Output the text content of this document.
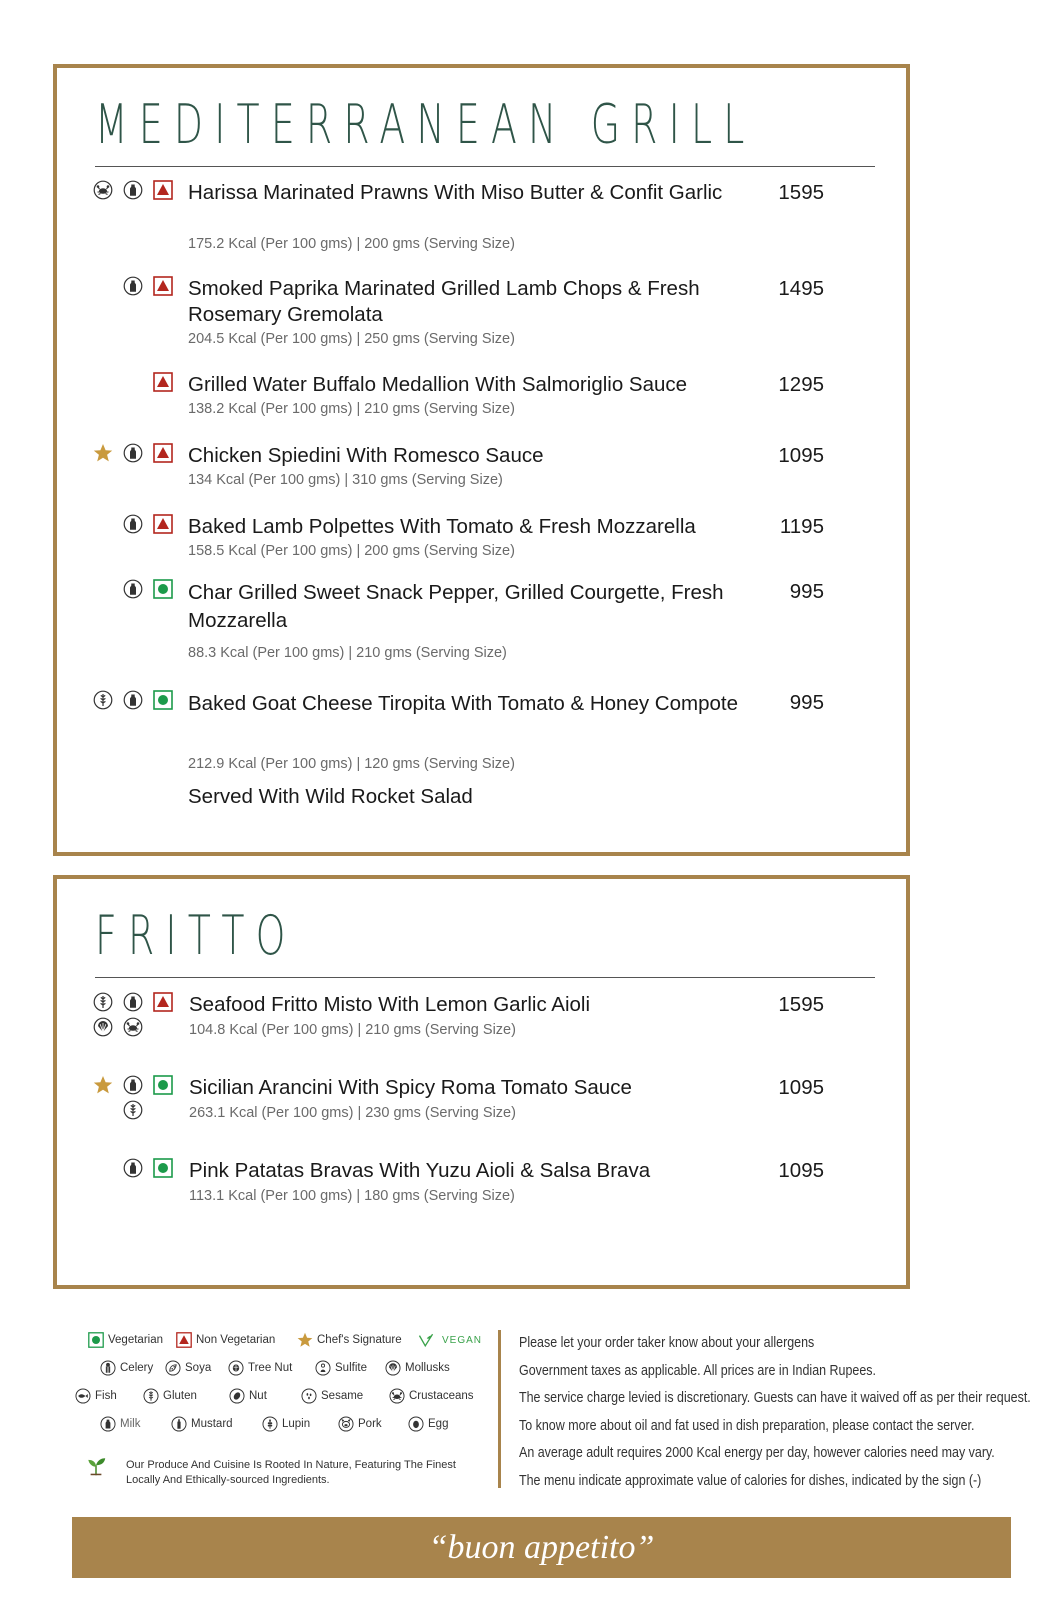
MEDITERRANEAN GRILL
Harissa Marinated Prawns With Miso Butter & Confit Garlic
175.2 Kcal (Per 100 gms) | 200 gms (Serving Size)
1595
Smoked Paprika Marinated Grilled Lamb Chops & Fresh Rosemary Gremolata
204.5 Kcal (Per 100 gms) | 250 gms (Serving Size)
1495
Grilled Water Buffalo Medallion With Salmoriglio Sauce
138.2 Kcal (Per 100 gms) | 210 gms (Serving Size)
1295
Chicken Spiedini With Romesco Sauce
134 Kcal (Per 100 gms) | 310 gms (Serving Size)
1095
Baked Lamb Polpettes With Tomato & Fresh Mozzarella
158.5 Kcal (Per 100 gms) | 200 gms (Serving Size)
1195
Char Grilled Sweet Snack Pepper, Grilled Courgette, Fresh Mozzarella
88.3 Kcal (Per 100 gms) | 210 gms (Serving Size)
995
Baked Goat Cheese Tiropita With Tomato & Honey Compote
212.9 Kcal (Per 100 gms) | 120 gms (Serving Size)
995
Served With Wild Rocket Salad
FRITTO
Seafood Fritto Misto With Lemon Garlic Aioli
104.8 Kcal (Per 100 gms) | 210 gms (Serving Size)
1595
Sicilian Arancini With Spicy Roma Tomato Sauce
263.1 Kcal (Per 100 gms) | 230 gms (Serving Size)
1095
Pink Patatas Bravas With Yuzu Aioli & Salsa Brava
113.1 Kcal (Per 100 gms) | 180 gms (Serving Size)
1095
Vegetarian	Non Vegetarian	Chef's Signature	VEGAN
Celery	Soya	Tree Nut	Sulfite	Mollusks
Fish	Gluten	Nut	Sesame	Crustaceans
Milk	Mustard	Lupin	Pork	Egg
Our Produce And Cuisine Is Rooted In Nature, Featuring The Finest
Locally And Ethically-sourced Ingredients.
Please let your order taker know about your allergens
Government taxes as applicable. All prices are in Indian Rupees.
The service charge levied is discretionary. Guests can have it waived off as per their request.
To know more about oil and fat used in dish preparation, please contact the server.
An average adult requires 2000 Kcal energy per day, however calories need may vary.
The menu indicate approximate value of calories for dishes, indicated by the sign (-)
“buon appetito”
